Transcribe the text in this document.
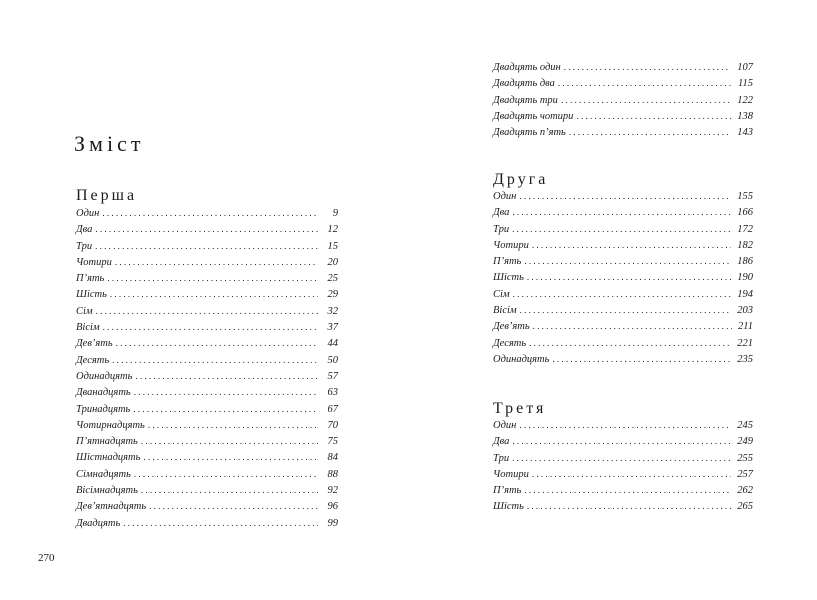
Зміст
Перша
Один . . .	9
Два . . .	12
Три . . .	15
Чотири . . .	20
П’ять . . .	25
Шість . . .	29
Сім . . .	32
Вісім . . .	37
Дев’ять . . .	44
Десять . . .	50
Одинадцять . . .	57
Дванадцять . . .	63
Тринадцять . . .	67
Чотирнадцять . . .	70
П’ятнадцять . . .	75
Шістнадцять . . .	84
Сімнадцять . . .	88
Вісімнадцять . . .	92
Дев’ятнадцять . . .	96
Двадцять . . .	99
270
Двадцять один . . .	107
Двадцять два . . .	115
Двадцять три . . .	122
Двадцять чотири . . .	138
Двадцять п’ять . . .	143
Друга
Один . . .	155
Два . . .	166
Три . . .	172
Чотири . . .	182
П’ять . . .	186
Шість . . .	190
Сім . . .	194
Вісім . . .	203
Дев’ять . . .	211
Десять . . .	221
Одинадцять . . .	235
Третя
Один . . .	245
Два . . .	249
Три . . .	255
Чотири . . .	257
П’ять . . .	262
Шість . . .	265
